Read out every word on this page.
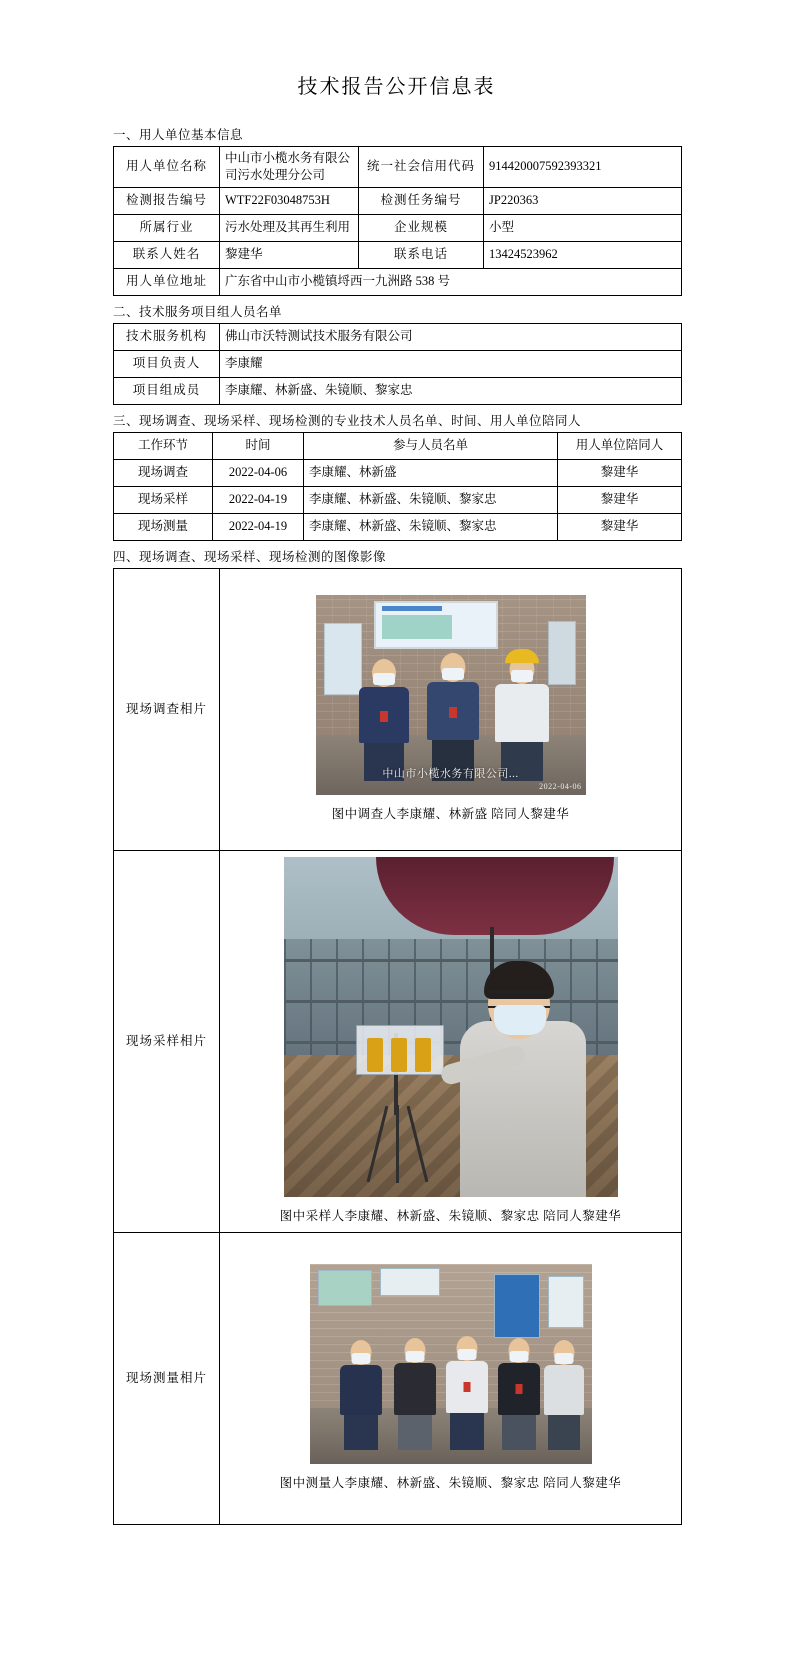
技术报告公开信息表
一、用人单位基本信息
用人单位名称	中山市小榄水务有限公司污水处理分公司	统一社会信用代码	914420007592393321
检测报告编号	WTF22F03048753H	检测任务编号	JP220363
所属行业	污水处理及其再生利用	企业规模	小型
联系人姓名	黎建华	联系电话	13424523962
用人单位地址	广东省中山市小榄镇埒西一九洲路 538 号		
二、技术服务项目组人员名单
技术服务机构	佛山市沃特测试技术服务有限公司
项目负责人	李康耀
项目组成员	李康耀、林新盛、朱镜顺、黎家忠
三、现场调查、现场采样、现场检测的专业技术人员名单、时间、用人单位陪同人
工作环节	时间	参与人员名单	用人单位陪同人
现场调查	2022-04-06	李康耀、林新盛	黎建华
现场采样	2022-04-19	李康耀、林新盛、朱镜顺、黎家忠	黎建华
现场测量	2022-04-19	李康耀、林新盛、朱镜顺、黎家忠	黎建华
四、现场调查、现场采样、现场检测的图像影像
现场调查相片	中山市小榄水务有限公司...
2022-04-06
图中调查人李康耀、林新盛 陪同人黎建华

现场采样相片	图中采样人李康耀、林新盛、朱镜顺、黎家忠 陪同人黎建华

现场测量相片	图中测量人李康耀、林新盛、朱镜顺、黎家忠 陪同人黎建华
